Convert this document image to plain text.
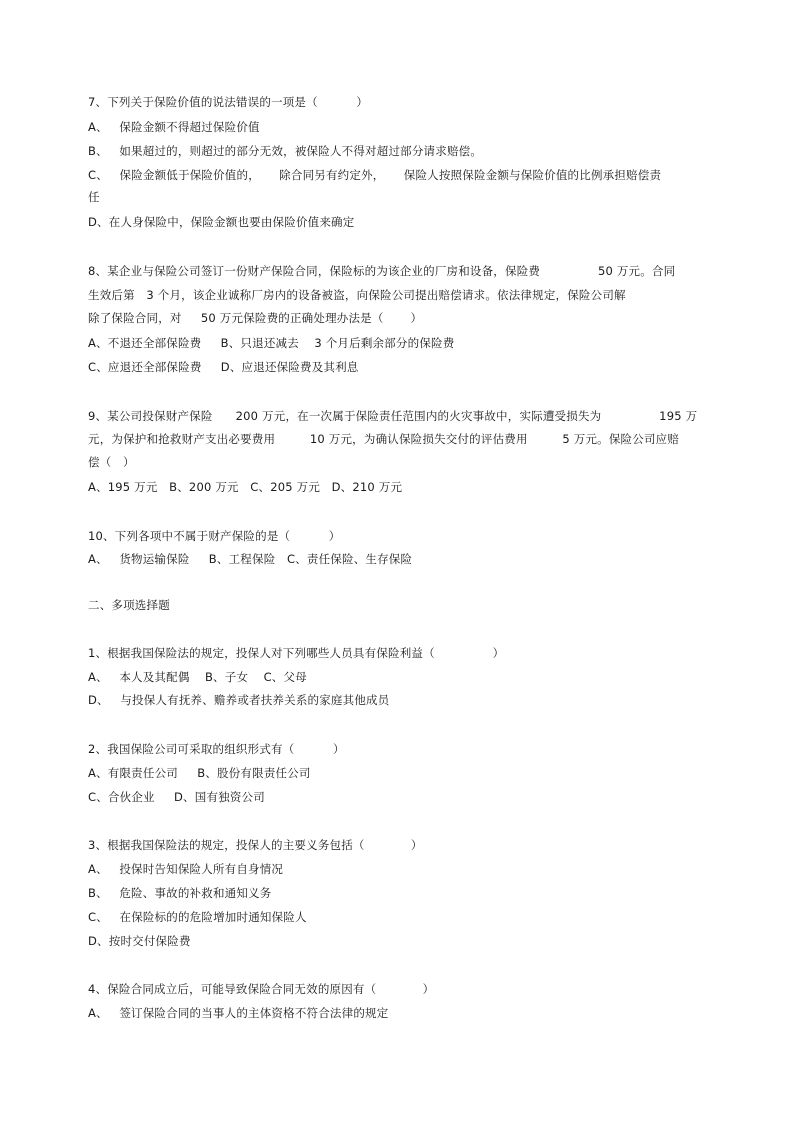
7、下列关于保险价值的说法错误的一项是（          ）
A、   保险金额不得超过保险价值
B、   如果超过的，则超过的部分无效，被保险人不得对超过部分请求赔偿。
C、   保险金额低于保险价值的，     除合同另有约定外，     保险人按照保险金额与保险价值的比例承担赔偿责
任
D、在人身保险中，保险金额也要由保险价值来确定
8、某企业与保险公司签订一份财产保险合同，保险标的为该企业的厂房和设备，保险费               50 万元。合同
生效后第   3 个月，该企业诚称厂房内的设备被盗，向保险公司提出赔偿请求。依法律规定，保险公司解
除了保险合同，对     50 万元保险费的正确处理办法是（       ）
A、不退还全部保险费     B、只退还减去    3 个月后剩余部分的保险费
C、应退还全部保险费     D、应退还保险费及其利息
9、某公司投保财产保险      200 万元，在一次属于保险责任范围内的火灾事故中，实际遭受损失为               195 万
元，为保护和抢救财产支出必要费用         10 万元，为确认保险损失交付的评估费用         5 万元。保险公司应赔
偿（   ）
A、195 万元   B、200 万元   C、205 万元   D、210 万元
10、下列各项中不属于财产保险的是（          ）
A、   货物运输保险     B、工程保险   C、责任保险、生存保险
二、多项选择题
1、根据我国保险法的规定，投保人对下列哪些人员具有保险利益（               ）
A、   本人及其配偶    B、子女    C、父母
D、   与投保人有抚养、赡养或者扶养关系的家庭其他成员
2、我国保险公司可采取的组织形式有（          ）
A、有限责任公司     B、股份有限责任公司
C、合伙企业     D、国有独资公司
3、根据我国保险法的规定，投保人的主要义务包括（            ）
A、   投保时告知保险人所有自身情况
B、   危险、事故的补救和通知义务
C、   在保险标的的危险增加时通知保险人
D、按时交付保险费
4、保险合同成立后，可能导致保险合同无效的原因有（            ）
A、   签订保险合同的当事人的主体资格不符合法律的规定
